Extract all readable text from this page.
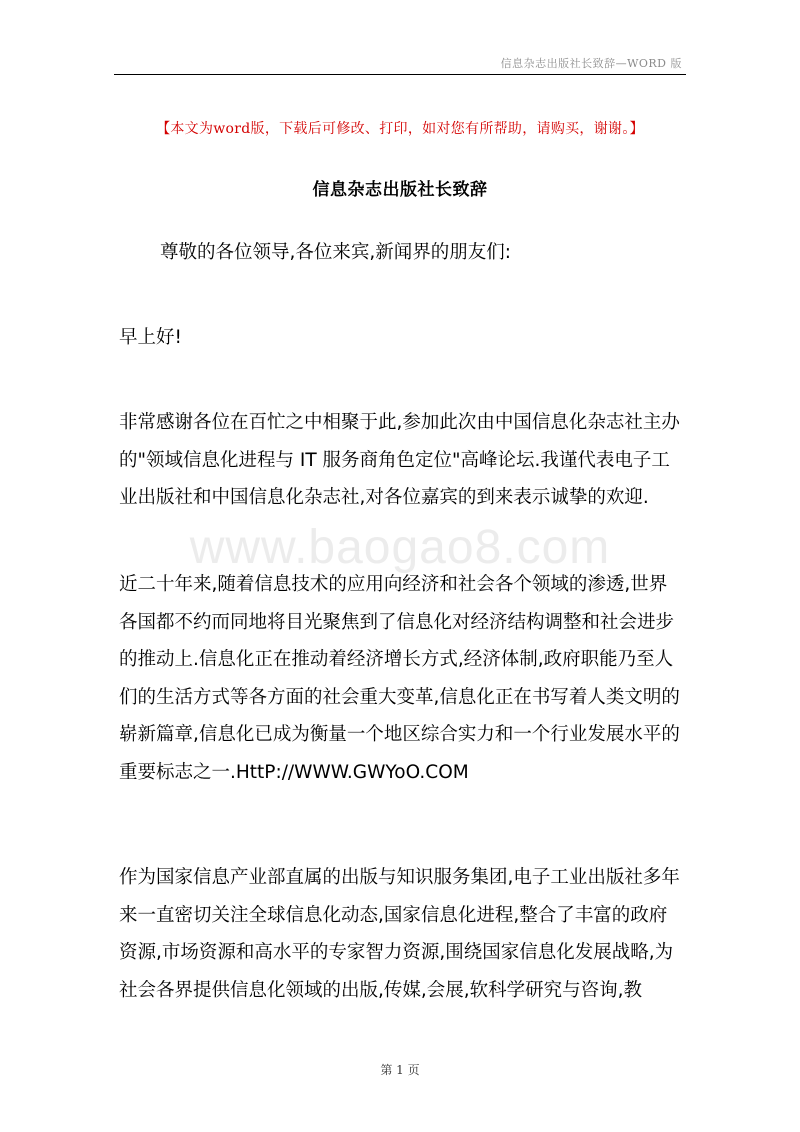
信息杂志出版社长致辞—WORD 版
【本文为word版，下载后可修改、打印，如对您有所帮助，请购买，谢谢。】
信息杂志出版社长致辞

尊敬的各位领导,各位来宾,新闻界的朋友们:

早上好!

非常感谢各位在百忙之中相聚于此,参加此次由中国信息化杂志社主办的"领域信息化进程与 IT 服务商角色定位"高峰论坛.我谨代表电子工业出版社和中国信息化杂志社,对各位嘉宾的到来表示诚挚的欢迎.

www.baogao8.com

近二十年来,随着信息技术的应用向经济和社会各个领域的渗透,世界各国都不约而同地将目光聚焦到了信息化对经济结构调整和社会进步的推动上.信息化正在推动着经济增长方式,经济体制,政府职能乃至人们的生活方式等各方面的社会重大变革,信息化正在书写着人类文明的崭新篇章,信息化已成为衡量一个地区综合实力和一个行业发展水平的重要标志之一.HttP://WWW.GWYoO.COM

作为国家信息产业部直属的出版与知识服务集团,电子工业出版社多年来一直密切关注全球信息化动态,国家信息化进程,整合了丰富的政府资源,市场资源和高水平的专家智力资源,围绕国家信息化发展战略,为社会各界提供信息化领域的出版,传媒,会展,软科学研究与咨询,教

第 1 页
